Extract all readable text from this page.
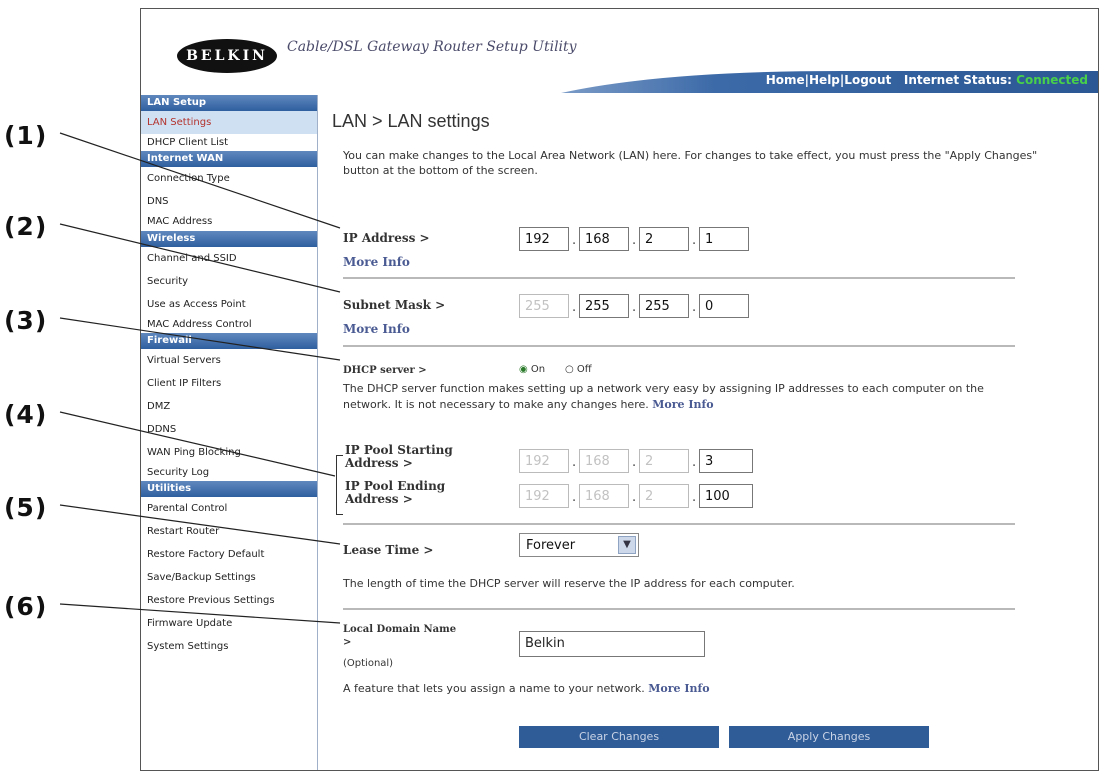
(1)
(2)
(3)
(4)
(5)
(6)
BELKIN
Cable/DSL Gateway Router Setup Utility
Home|Help|Logout Internet Status: Connected
LAN Setup
LAN Settings
DHCP Client List
Internet WAN
Connection Type
DNS
MAC Address
Wireless
Channel and SSID
Security
Use as Access Point
MAC Address Control
Firewall
Virtual Servers
Client IP Filters
DMZ
DDNS
WAN Ping Blocking
Security Log
Utilities
Parental Control
Restart Router
Restore Factory Default
Save/Backup Settings
Restore Previous Settings
Firmware Update
System Settings
LAN > LAN settings
You can make changes to the Local Area Network (LAN) here. For changes to take effect, you must press the "Apply Changes" button at the bottom of the screen.
IP Address >
More Info
192	. 168	. 2	. 1
Subnet Mask >
More Info
255	. 255	. 255	. 0
DHCP server >	◉ On ○ Off
The DHCP server function makes setting up a network very easy by assigning IP addresses to each computer on the network. It is not necessary to make any changes here. More Info
IP Pool Starting
Address >	192	. 168	. 2	. 3
IP Pool Ending
Address >	192	. 168	. 2	. 100
Lease Time >	Forever	▼
The length of time the DHCP server will reserve the IP address for each computer.
Local Domain Name
>
(Optional)
Belkin
A feature that lets you assign a name to your network. More Info
Clear Changes	Apply Changes
